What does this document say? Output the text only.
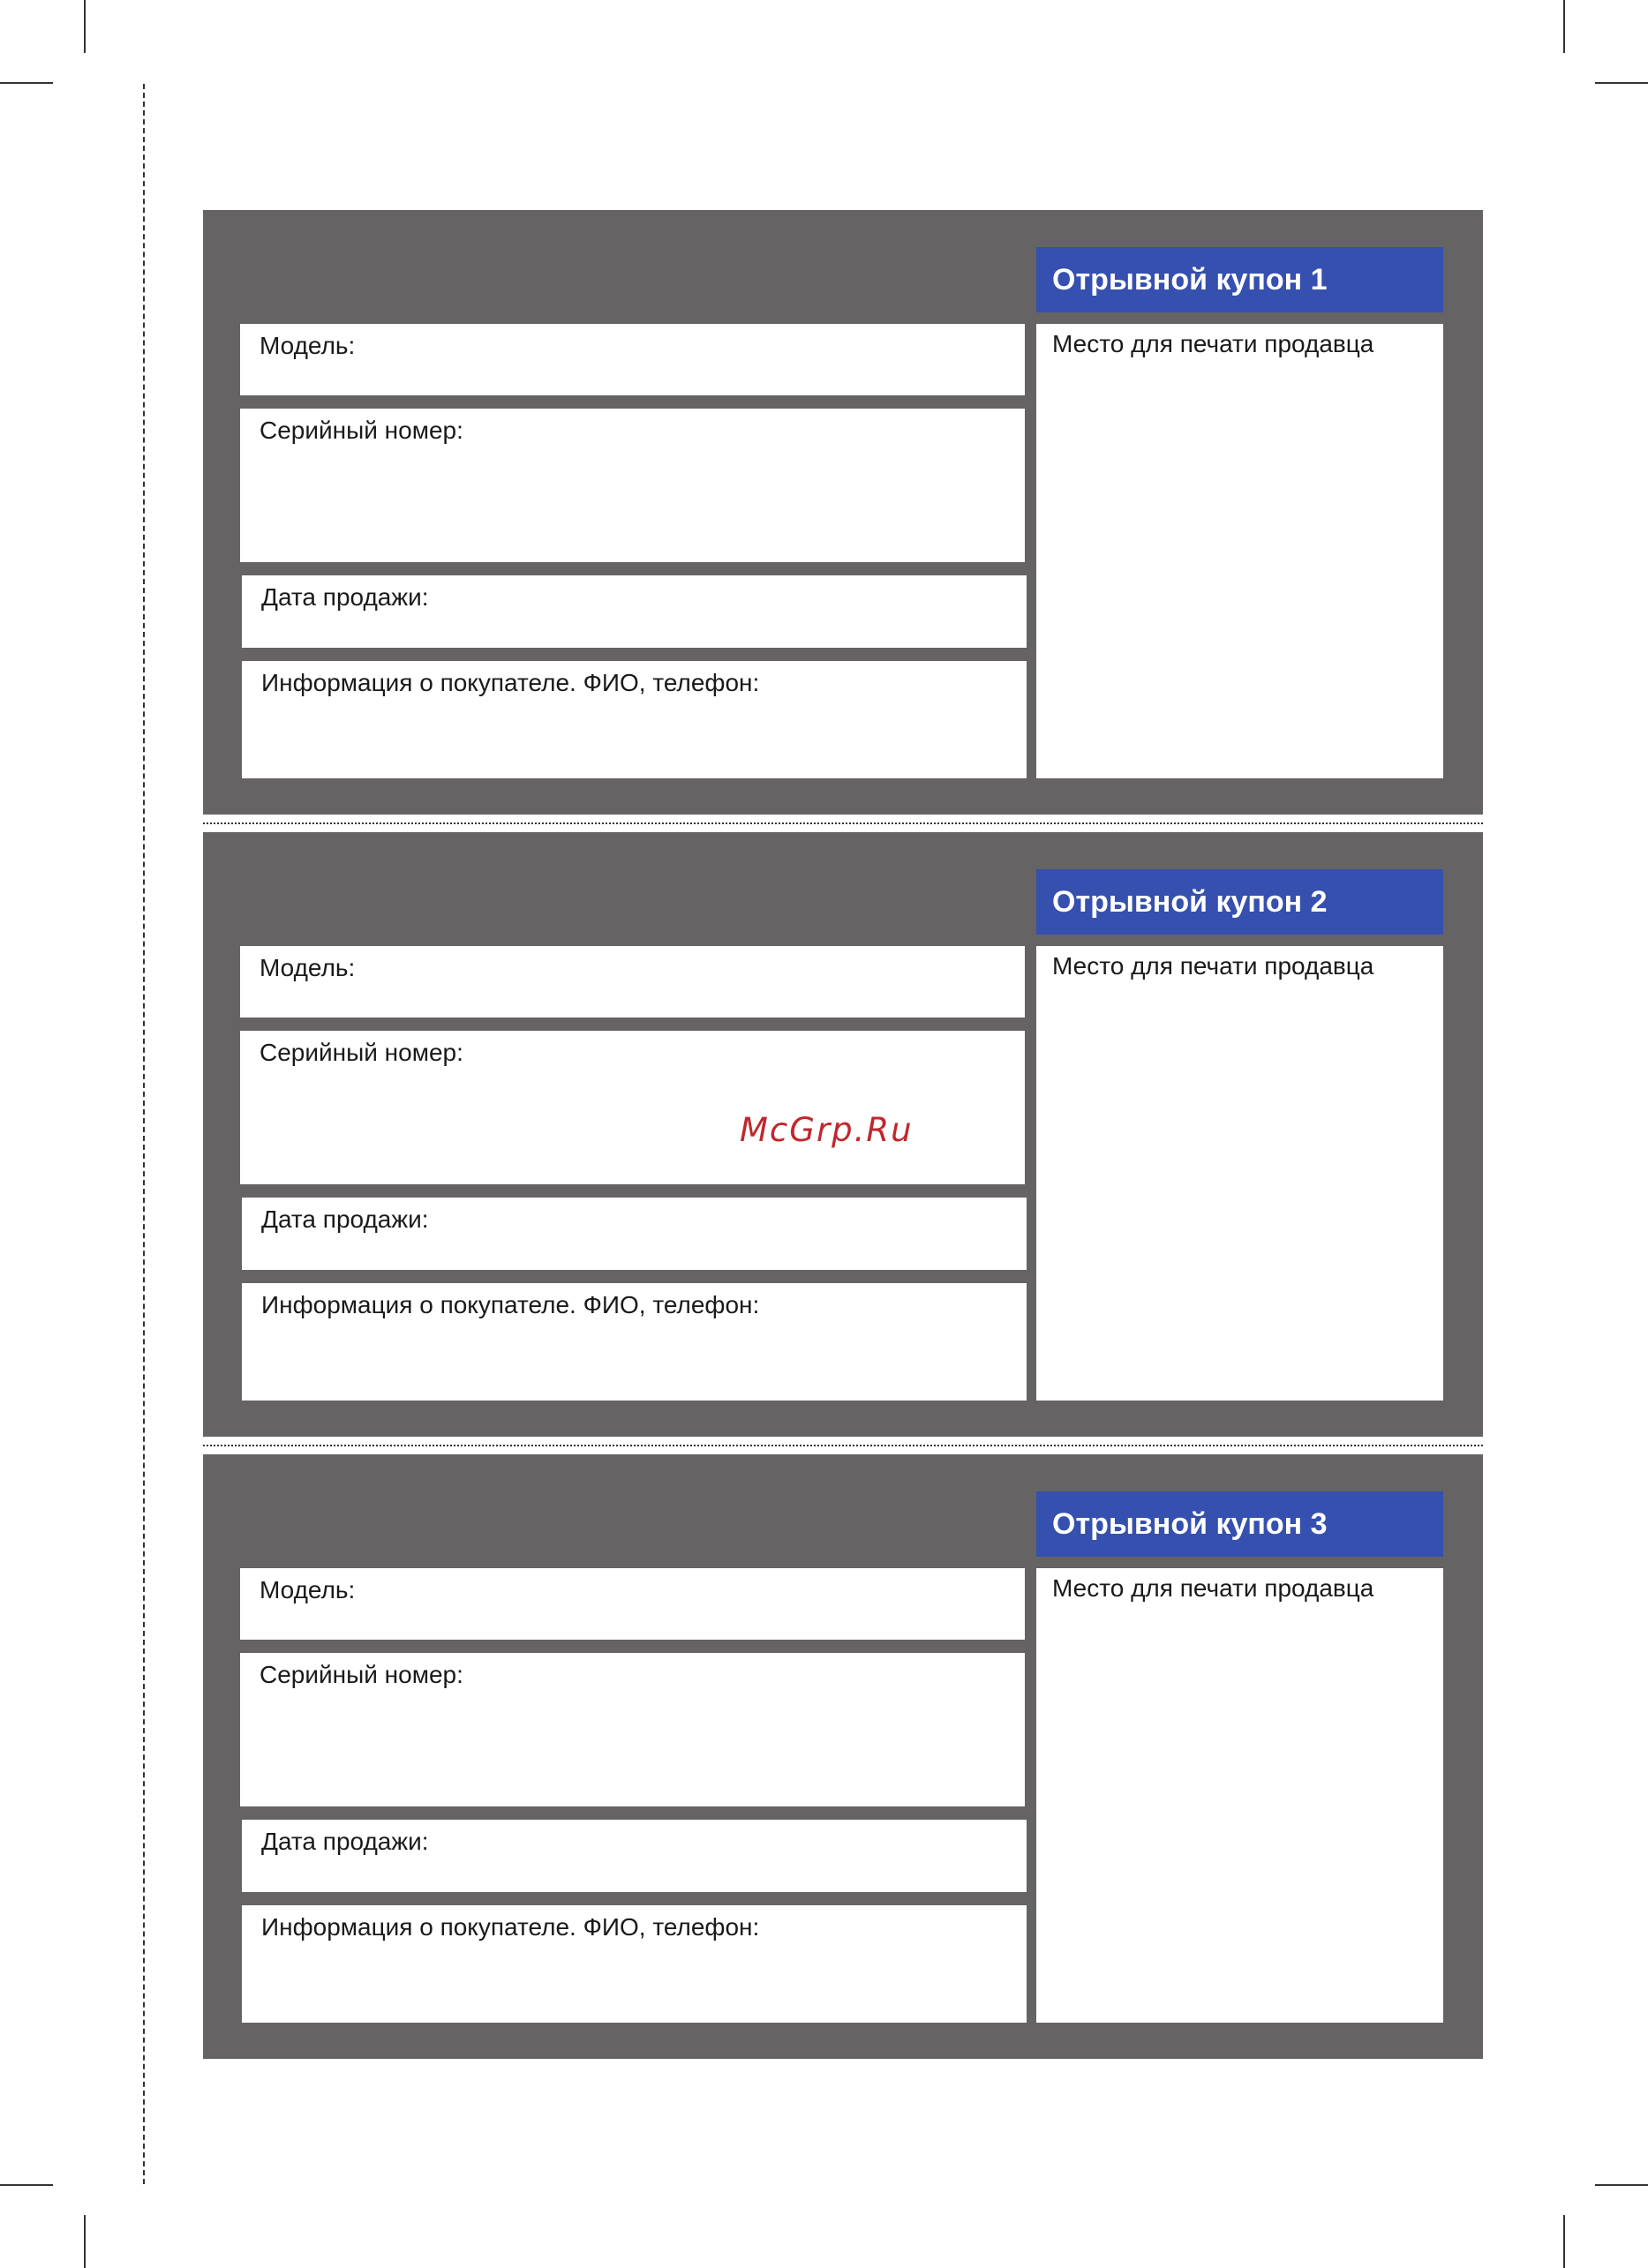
Отрывной купон 1
Модель:
Серийный номер:
Дата продажи:
Информация о покупателе. ФИО, телефон:
Место для печати продавца
Отрывной купон 2
Модель:
Серийный номер:
Дата продажи:
Информация о покупателе. ФИО, телефон:
Место для печати продавца
Отрывной купон 3
Модель:
Серийный номер:
Дата продажи:
Информация о покупателе. ФИО, телефон:
Место для печати продавца
McGrp.Ru
